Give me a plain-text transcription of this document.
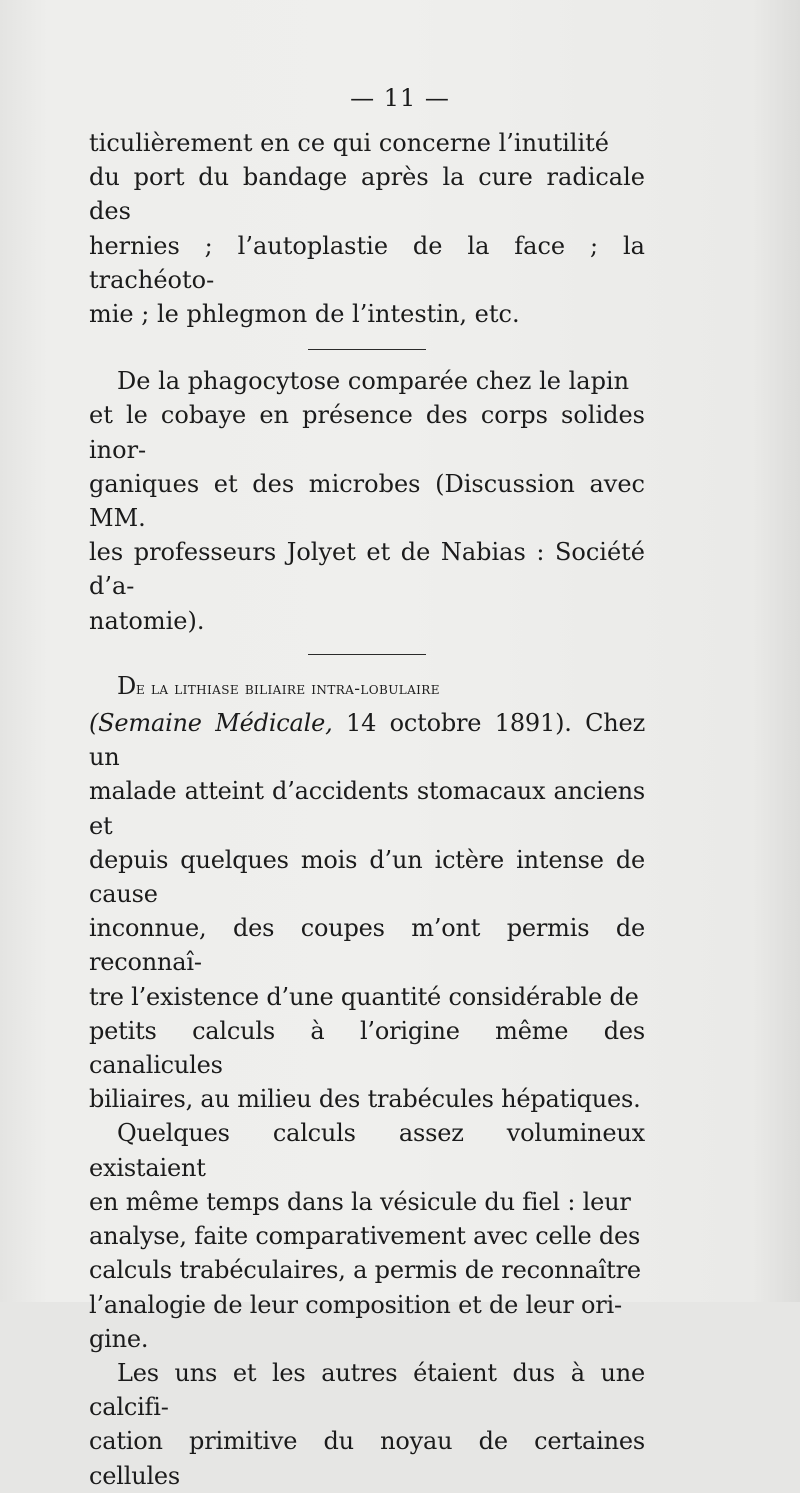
— 11 —

ticulièrement en ce qui concerne l’inutilité
du port du bandage après la cure radicale des
hernies ; l’autoplastie de la face ; la trachéoto-
mie ; le phlegmon de l’intestin, etc.

De la phagocytose comparée chez le lapin
et le cobaye en présence des corps solides inor-
ganiques et des microbes (Discussion avec MM.
les professeurs Jolyet et de Nabias : Société d’a-
natomie).

De la lithiase biliaire intra-lobulaire
(Semaine Médicale, 14 octobre 1891). Chez un
malade atteint d’accidents stomacaux anciens et
depuis quelques mois d’un ictère intense de cause
inconnue, des coupes m’ont permis de reconnaî-
tre l’existence d’une quantité considérable de
petits calculs à l’origine même des canalicules
biliaires, au milieu des trabécules hépatiques.

Quelques calculs assez volumineux existaient
en même temps dans la vésicule du fiel : leur
analyse, faite comparativement avec celle des
calculs trabéculaires, a permis de reconnaître
l’analogie de leur composition et de leur ori-
gine.

Les uns et les autres étaient dus à une calcifi-
cation primitive du noyau de certaines cellules
